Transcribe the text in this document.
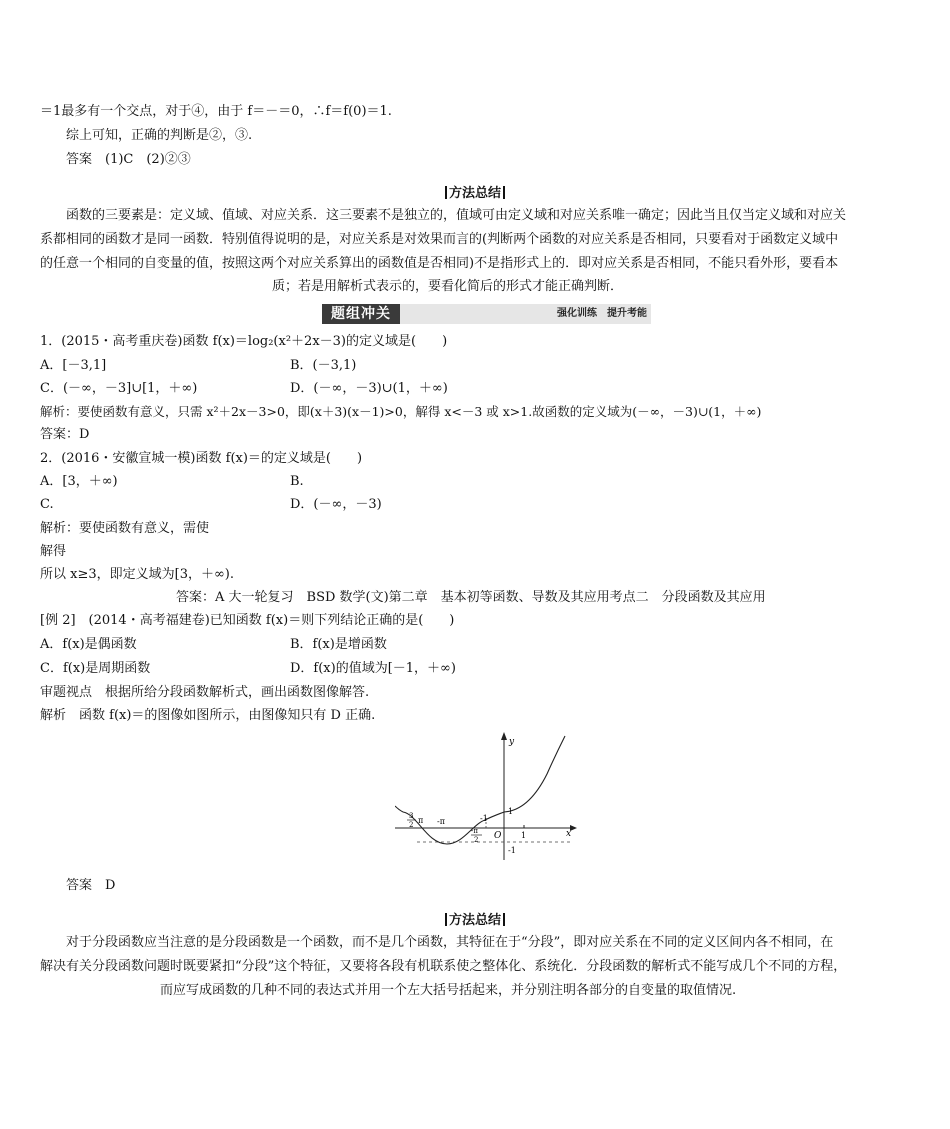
＝1最多有一个交点，对于④，由于 f＝－＝0，∴f＝f(0)＝1.
综上可知，正确的判断是②，③.
答案　(1)C　(2)②③
方法总结
函数的三要素是：定义域、值域、对应关系．这三要素不是独立的，值域可由定义域和对应关系唯一确定；因此当且仅当定义域和对应关
系都相同的函数才是同一函数．特别值得说明的是，对应关系是对效果而言的(判断两个函数的对应关系是否相同，只要看对于函数定义域中
的任意一个相同的自变量的值，按照这两个对应关系算出的函数值是否相同)不是指形式上的．即对应关系是否相同，不能只看外形，要看本
质；若是用解析式表示的，要看化简后的形式才能正确判断．
题组冲关	强化训练　提升考能
1．(2015・高考重庆卷)函数 f(x)＝log₂(x²＋2x－3)的定义域是(　　)
A．[－3,1]	B．(－3,1)
C．(－∞，－3]∪[1，＋∞)	D．(－∞，－3)∪(1，＋∞)
解析：要使函数有意义，只需 x²＋2x－3>0，即(x＋3)(x－1)>0，解得 x<－3 或 x>1.故函数的定义域为(－∞，－3)∪(1，＋∞)
答案：D
2．(2016・安徽宣城一模)函数 f(x)＝的定义域是(　　)
A．[3，＋∞)	B.
C.	D．(－∞，－3)
解析：要使函数有意义，需使
解得
所以 x≥3，即定义域为[3，＋∞).
答案：A 大一轮复习　BSD 数学(文)第二章　基本初等函数、导数及其应用考点二　分段函数及其应用
[例 2]　(2014・高考福建卷)已知函数 f(x)＝则下列结论正确的是(　　)
A．f(x)是偶函数	B．f(x)是增函数
C．f(x)是周期函数	D．f(x)的值域为[－1，＋∞)
审题视点　根据所给分段函数解析式，画出函数图像解答.
解析　函数 f(x)＝的图像如图所示，由图像知只有 D 正确.
y
x
O 1
1
-1
-1
-π
3
2 π
-π
2
答案　D
方法总结
对于分段函数应当注意的是分段函数是一个函数，而不是几个函数，其特征在于“分段”，即对应关系在不同的定义区间内各不相同，在
解决有关分段函数问题时既要紧扣“分段”这个特征，又要将各段有机联系使之整体化、系统化．分段函数的解析式不能写成几个不同的方程，
而应写成函数的几种不同的表达式并用一个左大括号括起来，并分别注明各部分的自变量的取值情况.
